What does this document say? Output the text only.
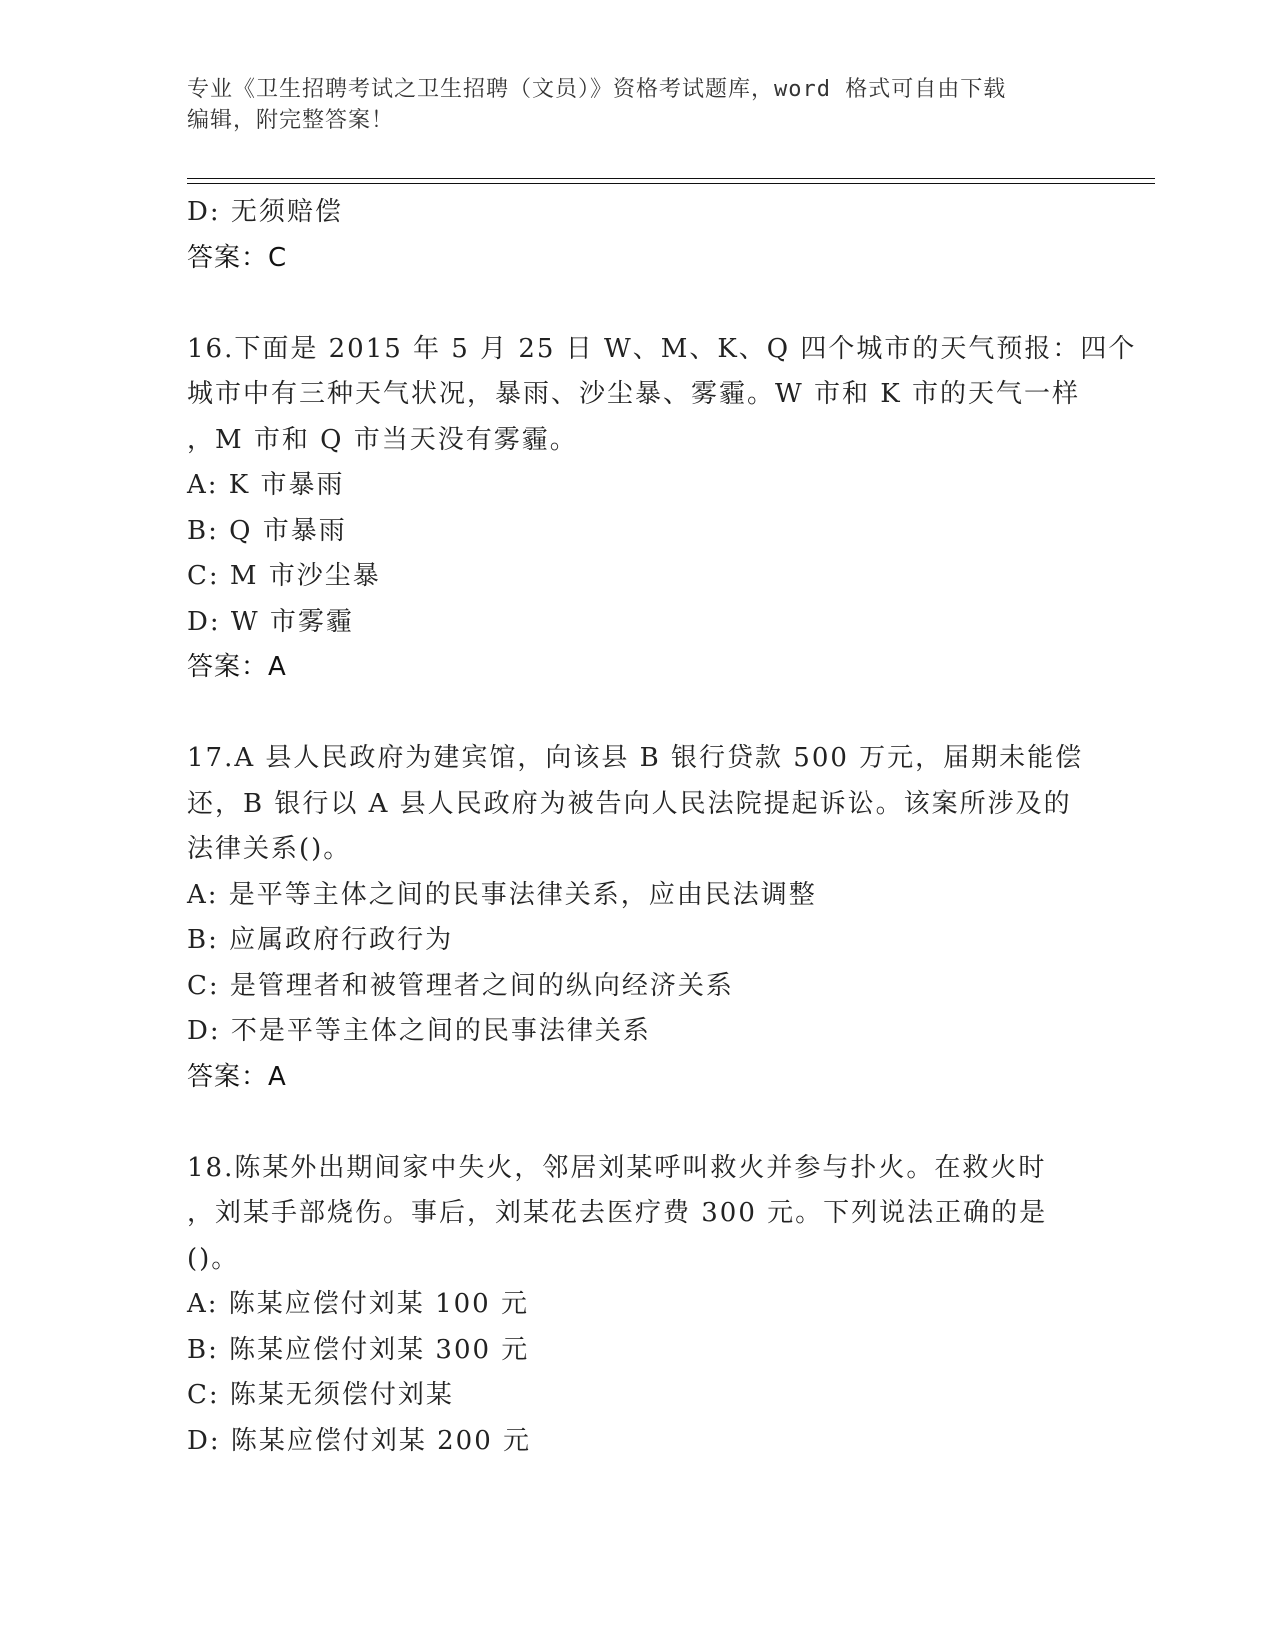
专业《卫生招聘考试之卫生招聘（文员）》资格考试题库，word 格式可自由下载
编辑，附完整答案！
D: 无须赔偿
答案：C
16.下面是 2015 年 5 月 25 日 W、M、K、Q 四个城市的天气预报：四个
城市中有三种天气状况，暴雨、沙尘暴、雾霾。W 市和 K 市的天气一样
，M 市和 Q 市当天没有雾霾。
A: K 市暴雨
B: Q 市暴雨
C: M 市沙尘暴
D: W 市雾霾
答案：A
17.A 县人民政府为建宾馆，向该县 B 银行贷款 500 万元，届期未能偿
还，B 银行以 A 县人民政府为被告向人民法院提起诉讼。该案所涉及的
法律关系()。
A: 是平等主体之间的民事法律关系，应由民法调整
B: 应属政府行政行为
C: 是管理者和被管理者之间的纵向经济关系
D: 不是平等主体之间的民事法律关系
答案：A
18.陈某外出期间家中失火，邻居刘某呼叫救火并参与扑火。在救火时
，刘某手部烧伤。事后，刘某花去医疗费 300 元。下列说法正确的是
()。
A: 陈某应偿付刘某 100 元
B: 陈某应偿付刘某 300 元
C: 陈某无须偿付刘某
D: 陈某应偿付刘某 200 元
